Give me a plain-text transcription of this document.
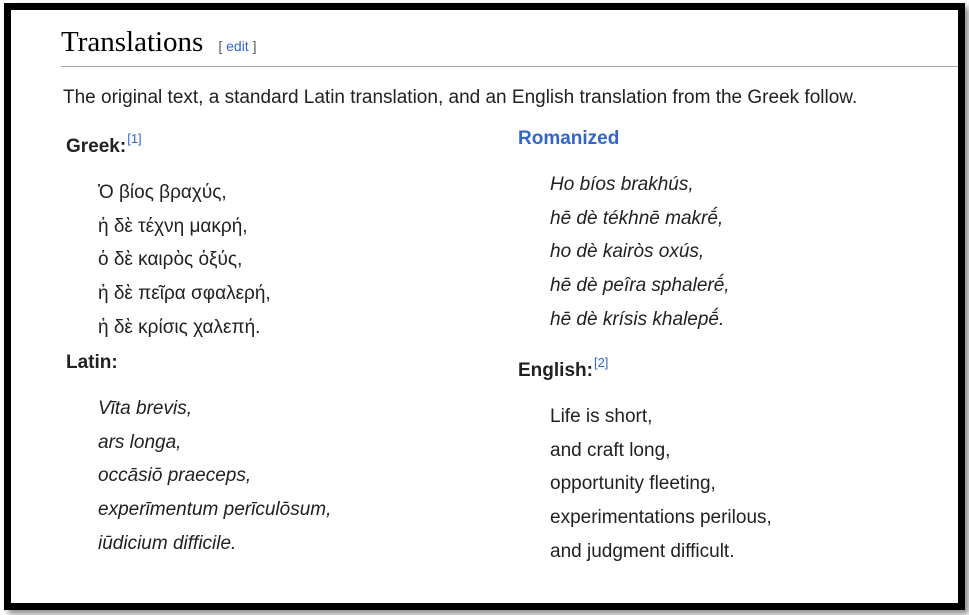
Translations [ edit ]

The original text, a standard Latin translation, and an English translation from the Greek follow.

Greek:[1]

Ὁ βίος βραχύς,
ἡ δὲ τέχνη μακρή,
ὁ δὲ καιρὸς ὀξύς,
ἡ δὲ πεῖρα σφαλερή,
ἡ δὲ κρίσις χαλεπή.

Romanized

Ho bíos brakhús,
hē dè tékhnē makrḗ,
ho dè kairòs oxús,
hē dè peîra sphalerḗ,
hē dè krísis khalepḗ.

Latin:

Vīta brevis,
ars longa,
occāsiō praeceps,
experīmentum perīculōsum,
iūdicium difficile.

English:[2]

Life is short,
and craft long,
opportunity fleeting,
experimentations perilous,
and judgment difficult.
